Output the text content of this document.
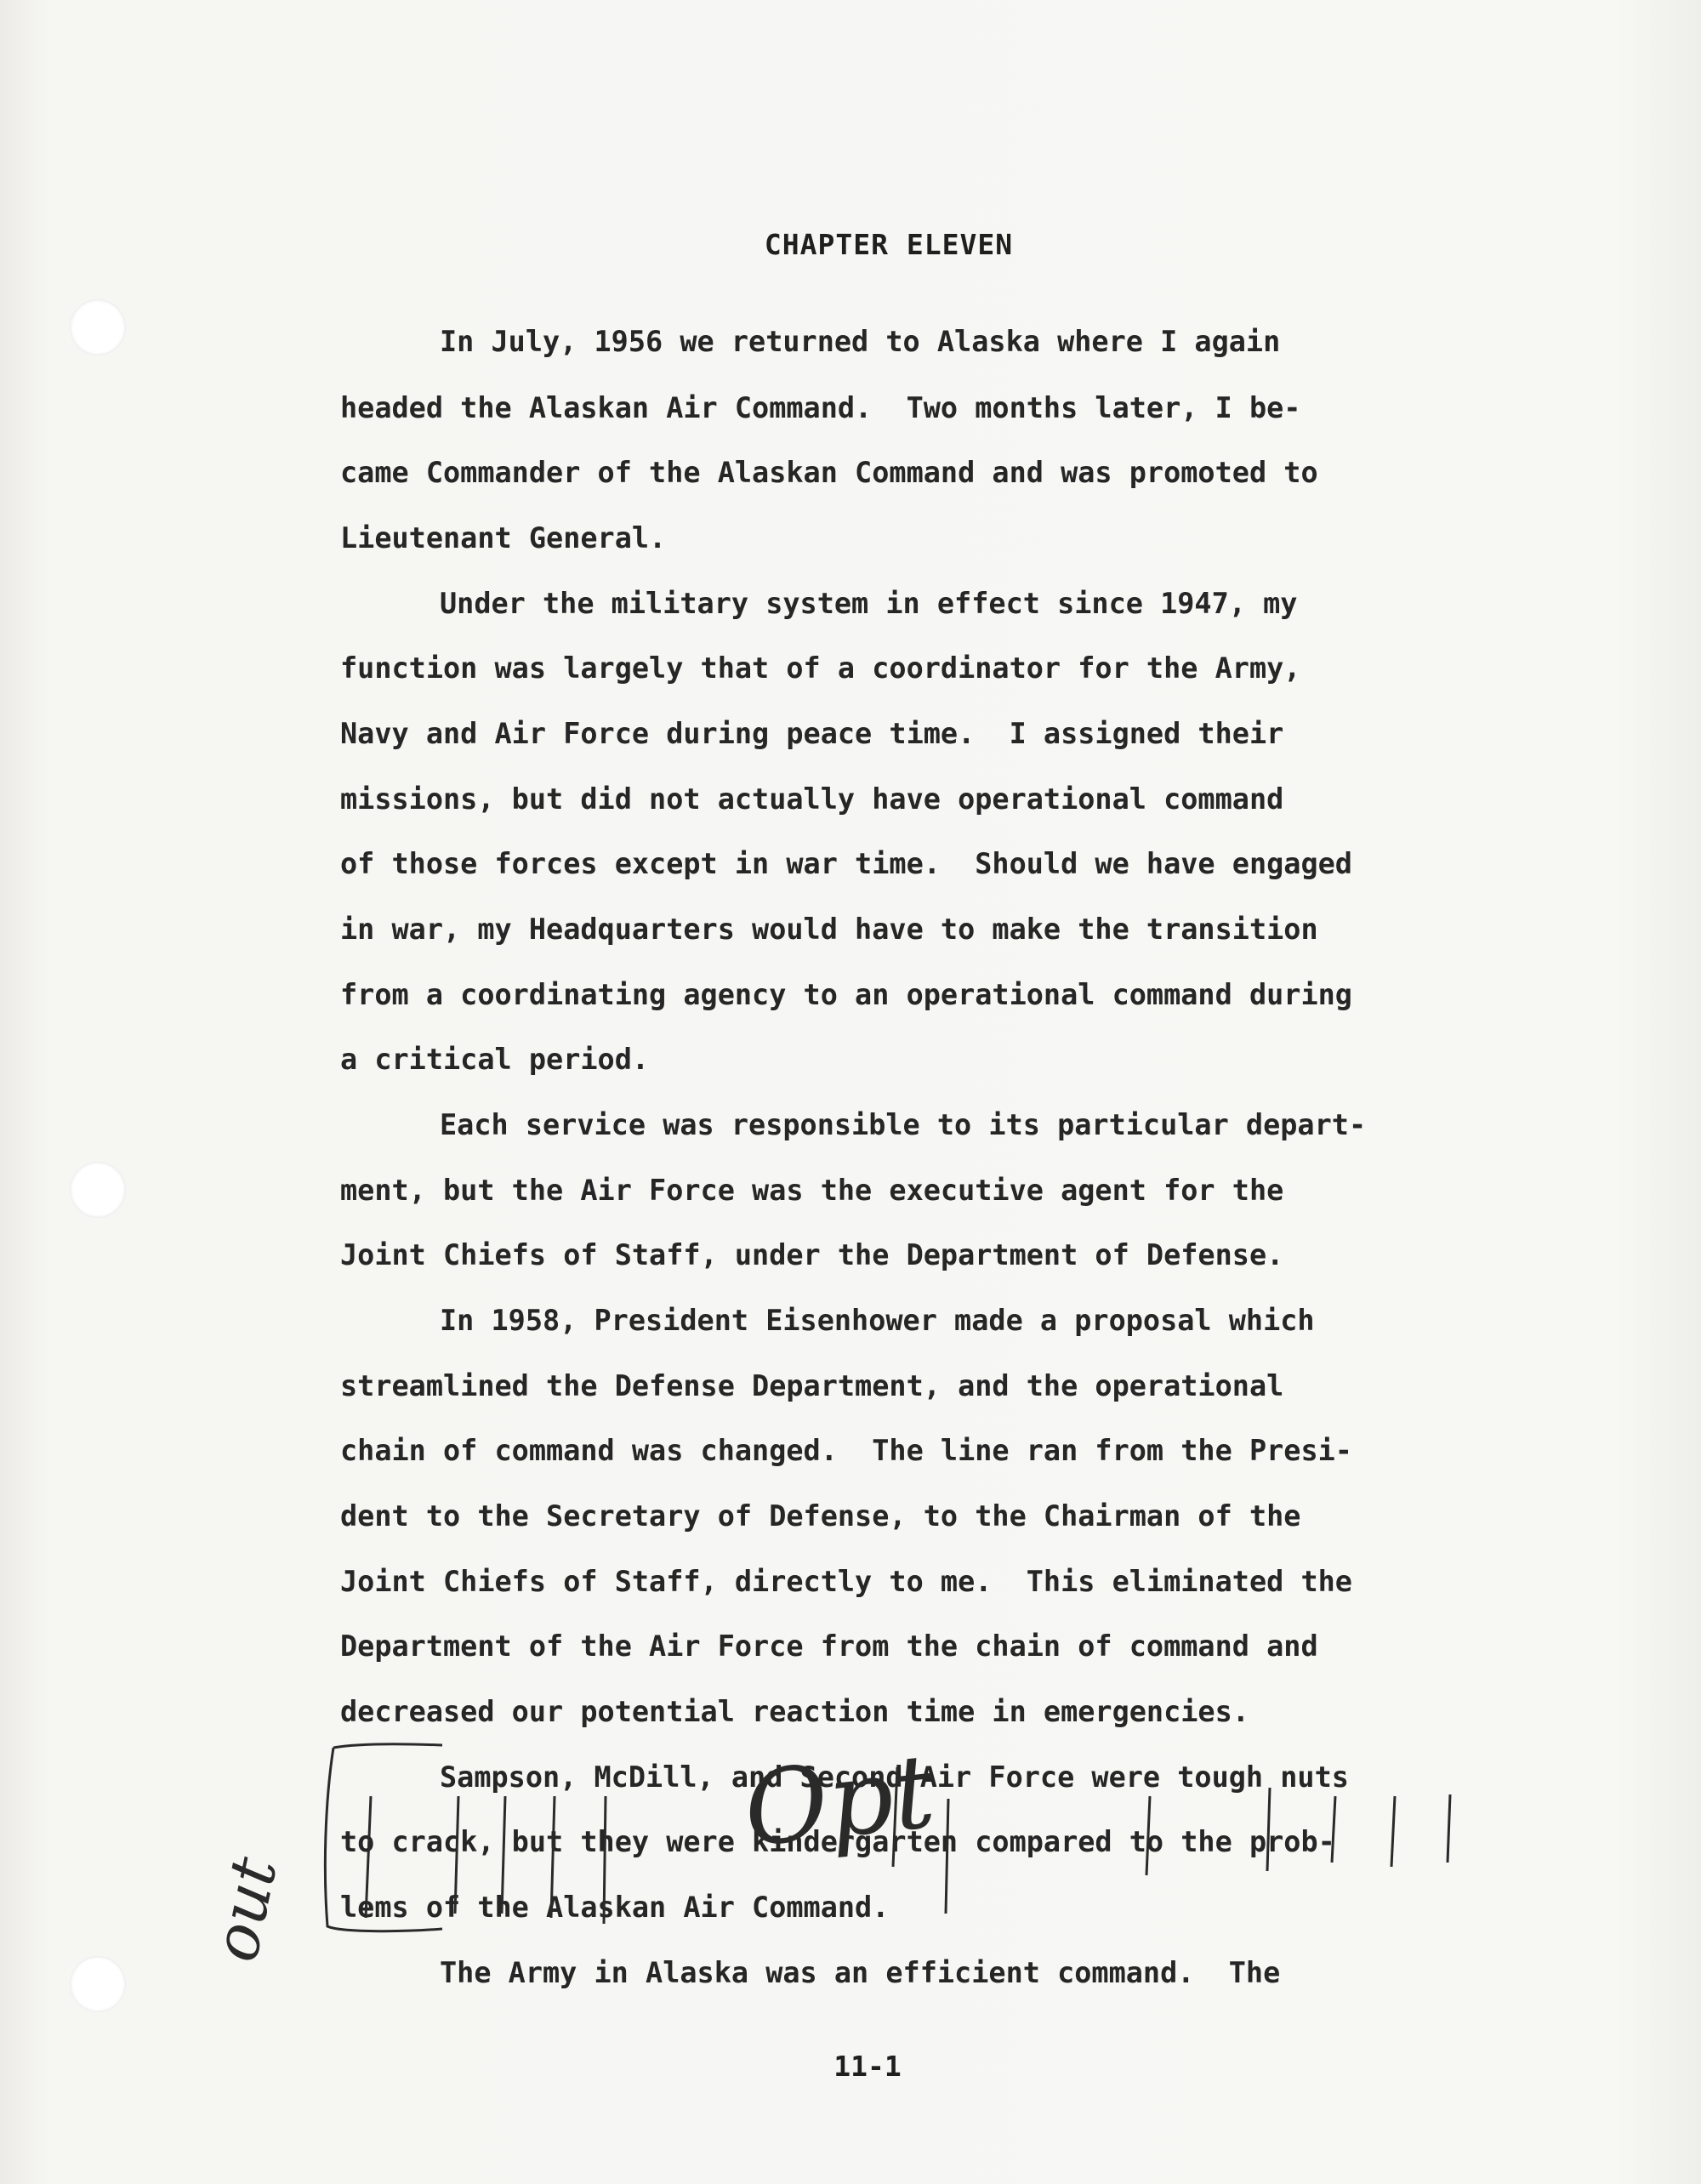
CHAPTER ELEVEN
In July, 1956 we returned to Alaska where I again
headed the Alaskan Air Command.  Two months later, I be-
came Commander of the Alaskan Command and was promoted to
Lieutenant General.
Under the military system in effect since 1947, my
function was largely that of a coordinator for the Army,
Navy and Air Force during peace time.  I assigned their
missions, but did not actually have operational command
of those forces except in war time.  Should we have engaged
in war, my Headquarters would have to make the transition
from a coordinating agency to an operational command during
a critical period.
Each service was responsible to its particular depart-
ment, but the Air Force was the executive agent for the
Joint Chiefs of Staff, under the Department of Defense.
In 1958, President Eisenhower made a proposal which
streamlined the Defense Department, and the operational
chain of command was changed.  The line ran from the Presi-
dent to the Secretary of Defense, to the Chairman of the
Joint Chiefs of Staff, directly to me.  This eliminated the
Department of the Air Force from the chain of command and
decreased our potential reaction time in emergencies.
Sampson, McDill, and Second Air Force were tough nuts
to crack, but they were kindergarten compared to the prob-
lems of the Alaskan Air Command.
The Army in Alaska was an efficient command.  The
out
Opt
11-1
